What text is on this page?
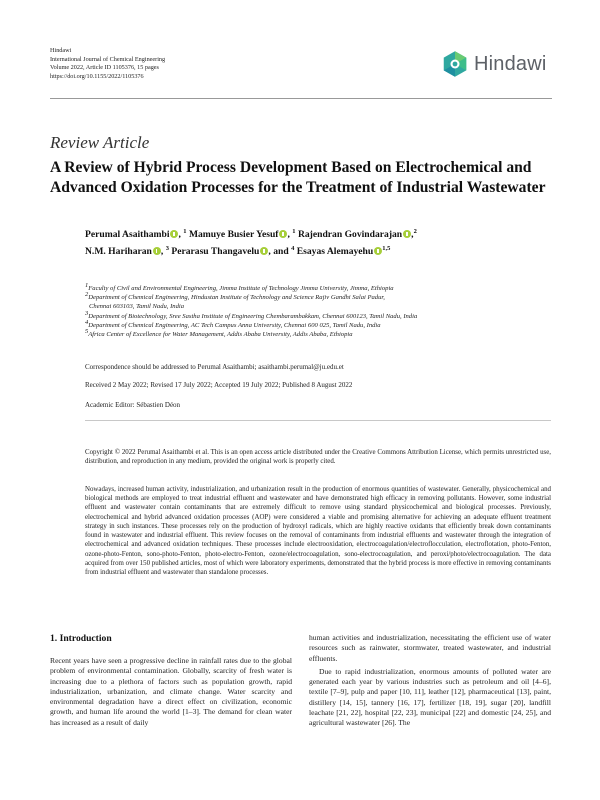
Hindawi
International Journal of Chemical Engineering
Volume 2022, Article ID 1105376, 15 pages
https://doi.org/10.1155/2022/1105376
Hindawi
Review Article
A Review of Hybrid Process Development Based on Electrochemical and Advanced Oxidation Processes for the Treatment of Industrial Wastewater
Perumal Asaithambi , $^1$ Mamuye Busier Yesuf , $^1$ Rajendran Govindarajan ,$^2$
N.M. Hariharan , $^3$ Perarasu Thangavelu , and $^4$ Esayas Alemayehu $^{1,5}$
1Faculty of Civil and Environmental Engineering, Jimma Institute of Technology Jimma University, Jimma, Ethiopia
2Department of Chemical Engineering, Hindustan Institute of Technology and Science Rajiv Gandhi Salai Padur,
Chennai 603103, Tamil Nadu, India
3Department of Biotechnology, Sree Sastha Institute of Engineering Chembarambakkam, Chennai 600123, Tamil Nadu, India
4Department of Chemical Engineering, AC Tech Campus Anna University, Chennai 600 025, Tamil Nadu, India
5Africa Center of Excellence for Water Management, Addis Ababa University, Addis Ababa, Ethiopia
Correspondence should be addressed to Perumal Asaithambi; asaithambi.perumal@ju.edu.et
Received 2 May 2022; Revised 17 July 2022; Accepted 19 July 2022; Published 8 August 2022
Academic Editor: Sébastien Déon
Copyright © 2022 Perumal Asaithambi et al. This is an open access article distributed under the Creative Commons Attribution License, which permits unrestricted use, distribution, and reproduction in any medium, provided the original work is properly cited.
Nowadays, increased human activity, industrialization, and urbanization result in the production of enormous quantities of wastewater. Generally, physicochemical and biological methods are employed to treat industrial effluent and wastewater and have demonstrated high efficacy in removing pollutants. However, some industrial effluent and wastewater contain contaminants that are extremely difficult to remove using standard physicochemical and biological processes. Previously, electrochemical and hybrid advanced oxidation processes (AOP) were considered a viable and promising alternative for achieving an adequate effluent treatment strategy in such instances. These processes rely on the production of hydroxyl radicals, which are highly reactive oxidants that efficiently break down contaminants found in wastewater and industrial effluent. This review focuses on the removal of contaminants from industrial effluents and wastewater through the integration of electrochemical and advanced oxidation techniques. These processes include electrooxidation, electrocoagulation/electroflocculation, electroflotation, photo-Fenton, ozone-photo-Fenton, sono-photo-Fenton, photo-electro-Fenton, ozone/electrocoagulation, sono-electrocoagulation, and peroxi/photo/electrocoagulation. The data acquired from over 150 published articles, most of which were laboratory experiments, demonstrated that the hybrid process is more effective in removing contaminants from industrial effluent and wastewater than standalone processes.

1. Introduction

Recent years have seen a progressive decline in rainfall rates due to the global problem of environmental contamination. Globally, scarcity of fresh water is increasing due to a plethora of factors such as population growth, rapid industrialization, urbanization, and climate change. Water scarcity and environmental degradation have a direct effect on civilization, economic growth, and human life around the world [1–3]. The demand for clean water has increased as a result of daily

human activities and industrialization, necessitating the efficient use of water resources such as rainwater, stormwater, treated wastewater, and industrial effluents.

Due to rapid industrialization, enormous amounts of polluted water are generated each year by various industries such as petroleum and oil [4–6], textile [7–9], pulp and paper [10, 11], leather [12], pharmaceutical [13], paint, distillery [14, 15], tannery [16, 17], fertilizer [18, 19], sugar [20], landfill leachate [21, 22], hospital [22, 23], municipal [22] and domestic [24, 25], and agricultural wastewater [26]. The
